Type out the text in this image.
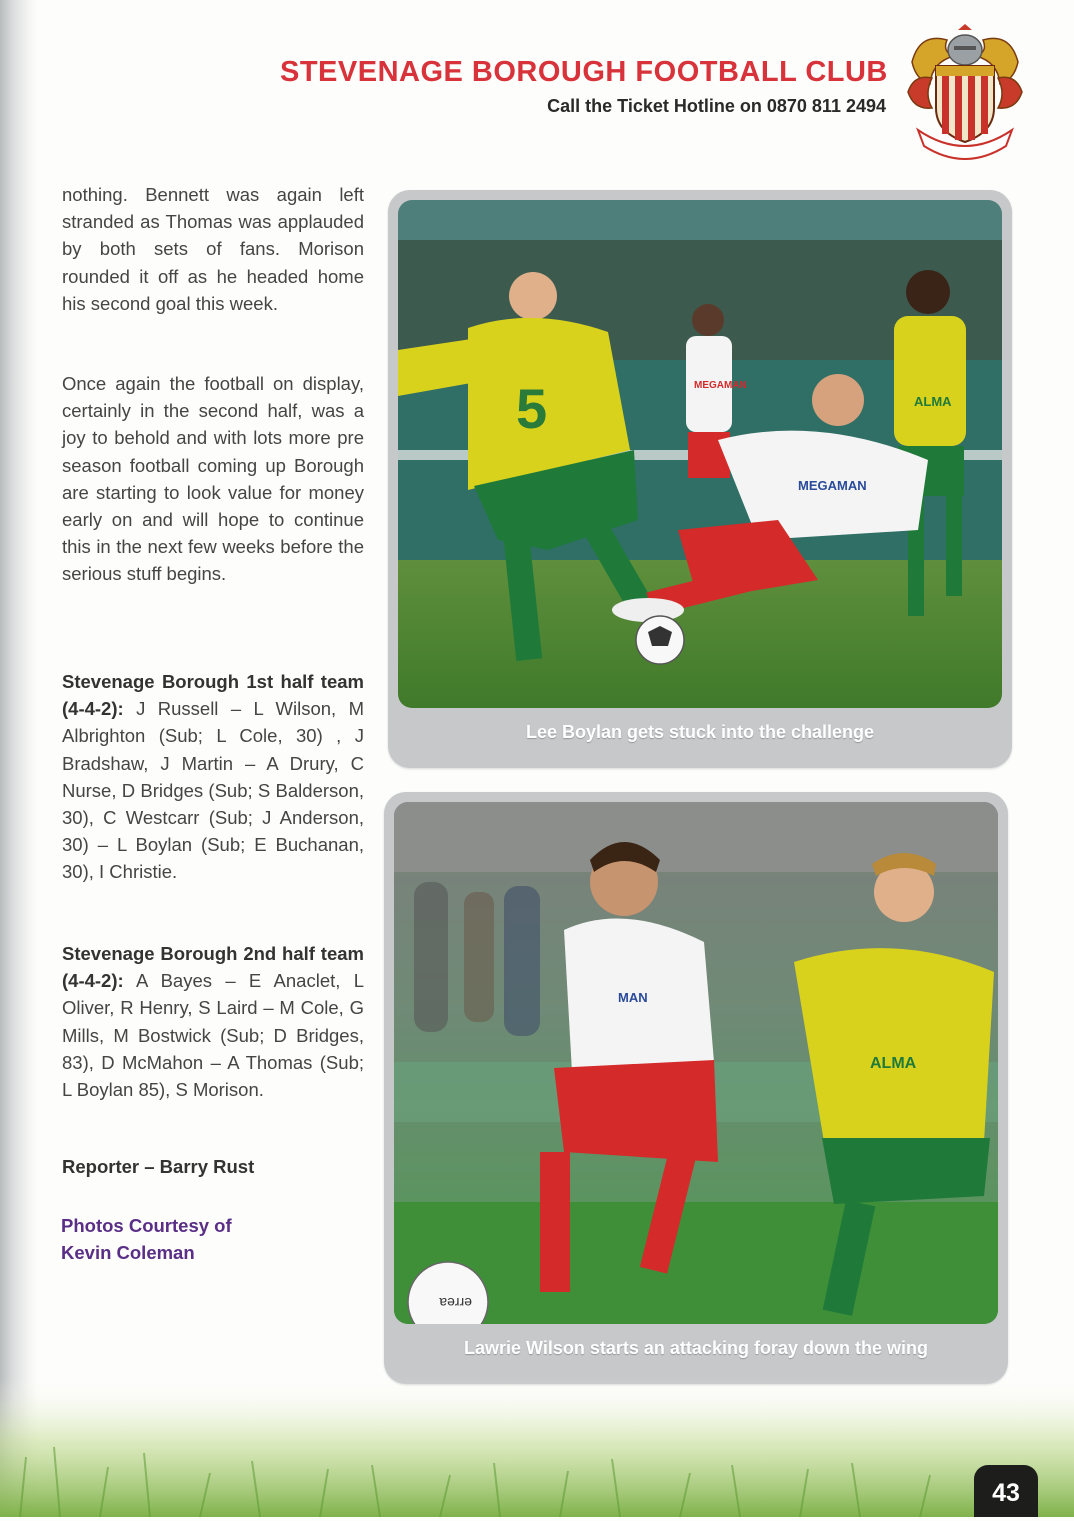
STEVENAGE BOROUGH FOOTBALL CLUB
Call the Ticket Hotline on 0870 811 2494

nothing. Bennett was again left stranded as Thomas was applauded by both sets of fans. Morison rounded it off as he headed home his second goal this week.

Once again the football on display, certainly in the second half, was a joy to behold and with lots more pre season football coming up Borough are starting to look value for money early on and will hope to continue this in the next few weeks before the serious stuff begins.

Stevenage Borough 1st half team (4-4-2): J Russell – L Wilson, M Albrighton (Sub; L Cole, 30) , J Bradshaw, J Martin – A Drury, C Nurse, D Bridges (Sub; S Balderson, 30), C Westcarr (Sub; J Anderson, 30) – L Boylan (Sub; E Buchanan, 30), I Christie.

Stevenage Borough 2nd half team (4-4-2): A Bayes – E Anaclet, L Oliver, R Henry, S Laird – M Cole, G Mills, M Bostwick (Sub; D Bridges, 83), D McMahon – A Thomas (Sub; L Boylan 85), S Morison.

Reporter – Barry Rust
Photos Courtesy of
Kevin Coleman
MEGAMAN
ALMA
5
MEGAMAN
Lee Boylan gets stuck into the challenge
MAN
ALMA
errea
Lawrie Wilson starts an attacking foray down the wing
43
